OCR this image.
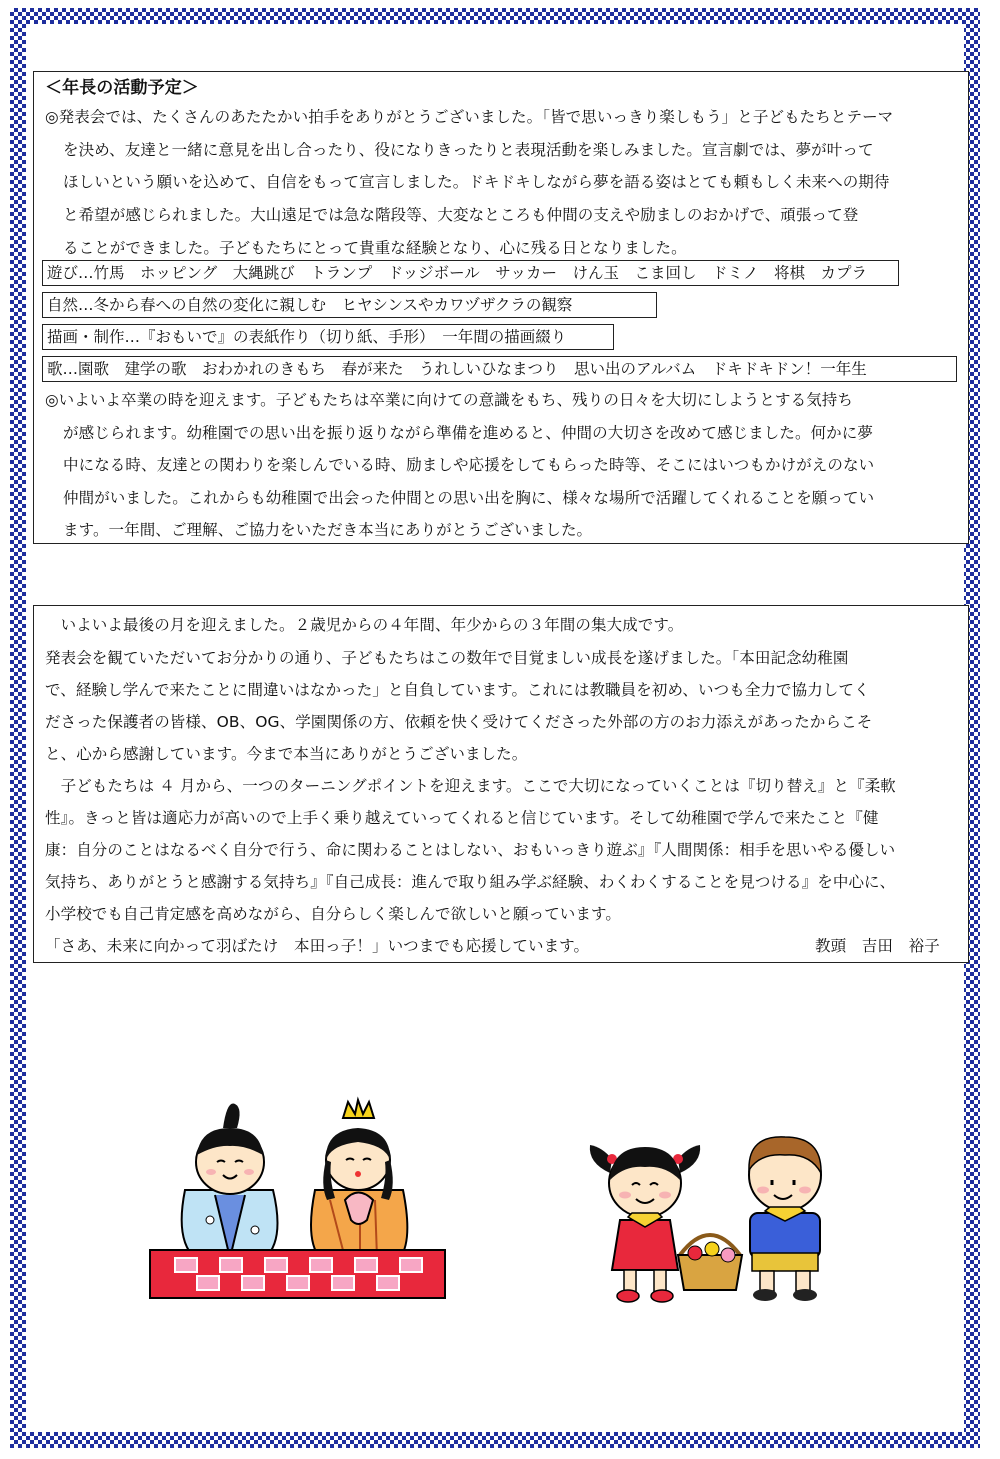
＜年長の活動予定＞
◎発表会では、たくさんのあたたかい拍手をありがとうございました。「皆で思いっきり楽しもう」と子どもたちとテーマ
を決め、友達と一緒に意見を出し合ったり、役になりきったりと表現活動を楽しみました。宣言劇では、夢が叶って
ほしいという願いを込めて、自信をもって宣言しました。ドキドキしながら夢を語る姿はとても頼もしく未来への期待
と希望が感じられました。大山遠足では急な階段等、大変なところも仲間の支えや励ましのおかげで、頑張って登
ることができました。子どもたちにとって貴重な経験となり、心に残る日となりました。
遊び…竹馬　ホッピング　大縄跳び　トランプ　ドッジボール　サッカー　けん玉　こま回し　ドミノ　将棋　カプラ
自然…冬から春への自然の変化に親しむ　ヒヤシンスやカワヅザクラの観察
描画・制作…『おもいで』の表紙作り（切り紙、手形）　一年間の描画綴り
歌…園歌　建学の歌　おわかれのきもち　春が来た　うれしいひなまつり　思い出のアルバム　ドキドキドン！一年生
◎いよいよ卒業の時を迎えます。子どもたちは卒業に向けての意識をもち、残りの日々を大切にしようとする気持ち
が感じられます。幼稚園での思い出を振り返りながら準備を進めると、仲間の大切さを改めて感じました。何かに夢
中になる時、友達との関わりを楽しんでいる時、励ましや応援をしてもらった時等、そこにはいつもかけがえのない
仲間がいました。これからも幼稚園で出会った仲間との思い出を胸に、様々な場所で活躍してくれることを願ってい
ます。一年間、ご理解、ご協力をいただき本当にありがとうございました。
　いよいよ最後の月を迎えました。２歳児からの４年間、年少からの３年間の集大成です。
発表会を観ていただいてお分かりの通り、子どもたちはこの数年で目覚ましい成長を遂げました。「本田記念幼稚園
で、経験し学んで来たことに間違いはなかった」と自負しています。これには教職員を初め、いつも全力で協力してく
ださった保護者の皆様、OB、OG、学園関係の方、依頼を快く受けてくださった外部の方のお力添えがあったからこそ
と、心から感謝しています。今まで本当にありがとうございました。
　子どもたちは ４ 月から、一つのターニングポイントを迎えます。ここで大切になっていくことは『切り替え』と『柔軟
性』。きっと皆は適応力が高いので上手く乗り越えていってくれると信じています。そして幼稚園で学んで来たこと『健
康：自分のことはなるべく自分で行う、命に関わることはしない、おもいっきり遊ぶ』『人間関係：相手を思いやる優しい
気持ち、ありがとうと感謝する気持ち』『自己成長：進んで取り組み学ぶ経験、わくわくすることを見つける』を中心に、
小学校でも自己肯定感を高めながら、自分らしく楽しんで欲しいと願っています。
「さあ、未来に向かって羽ばたけ　本田っ子！」いつまでも応援しています。	教頭　吉田　裕子
